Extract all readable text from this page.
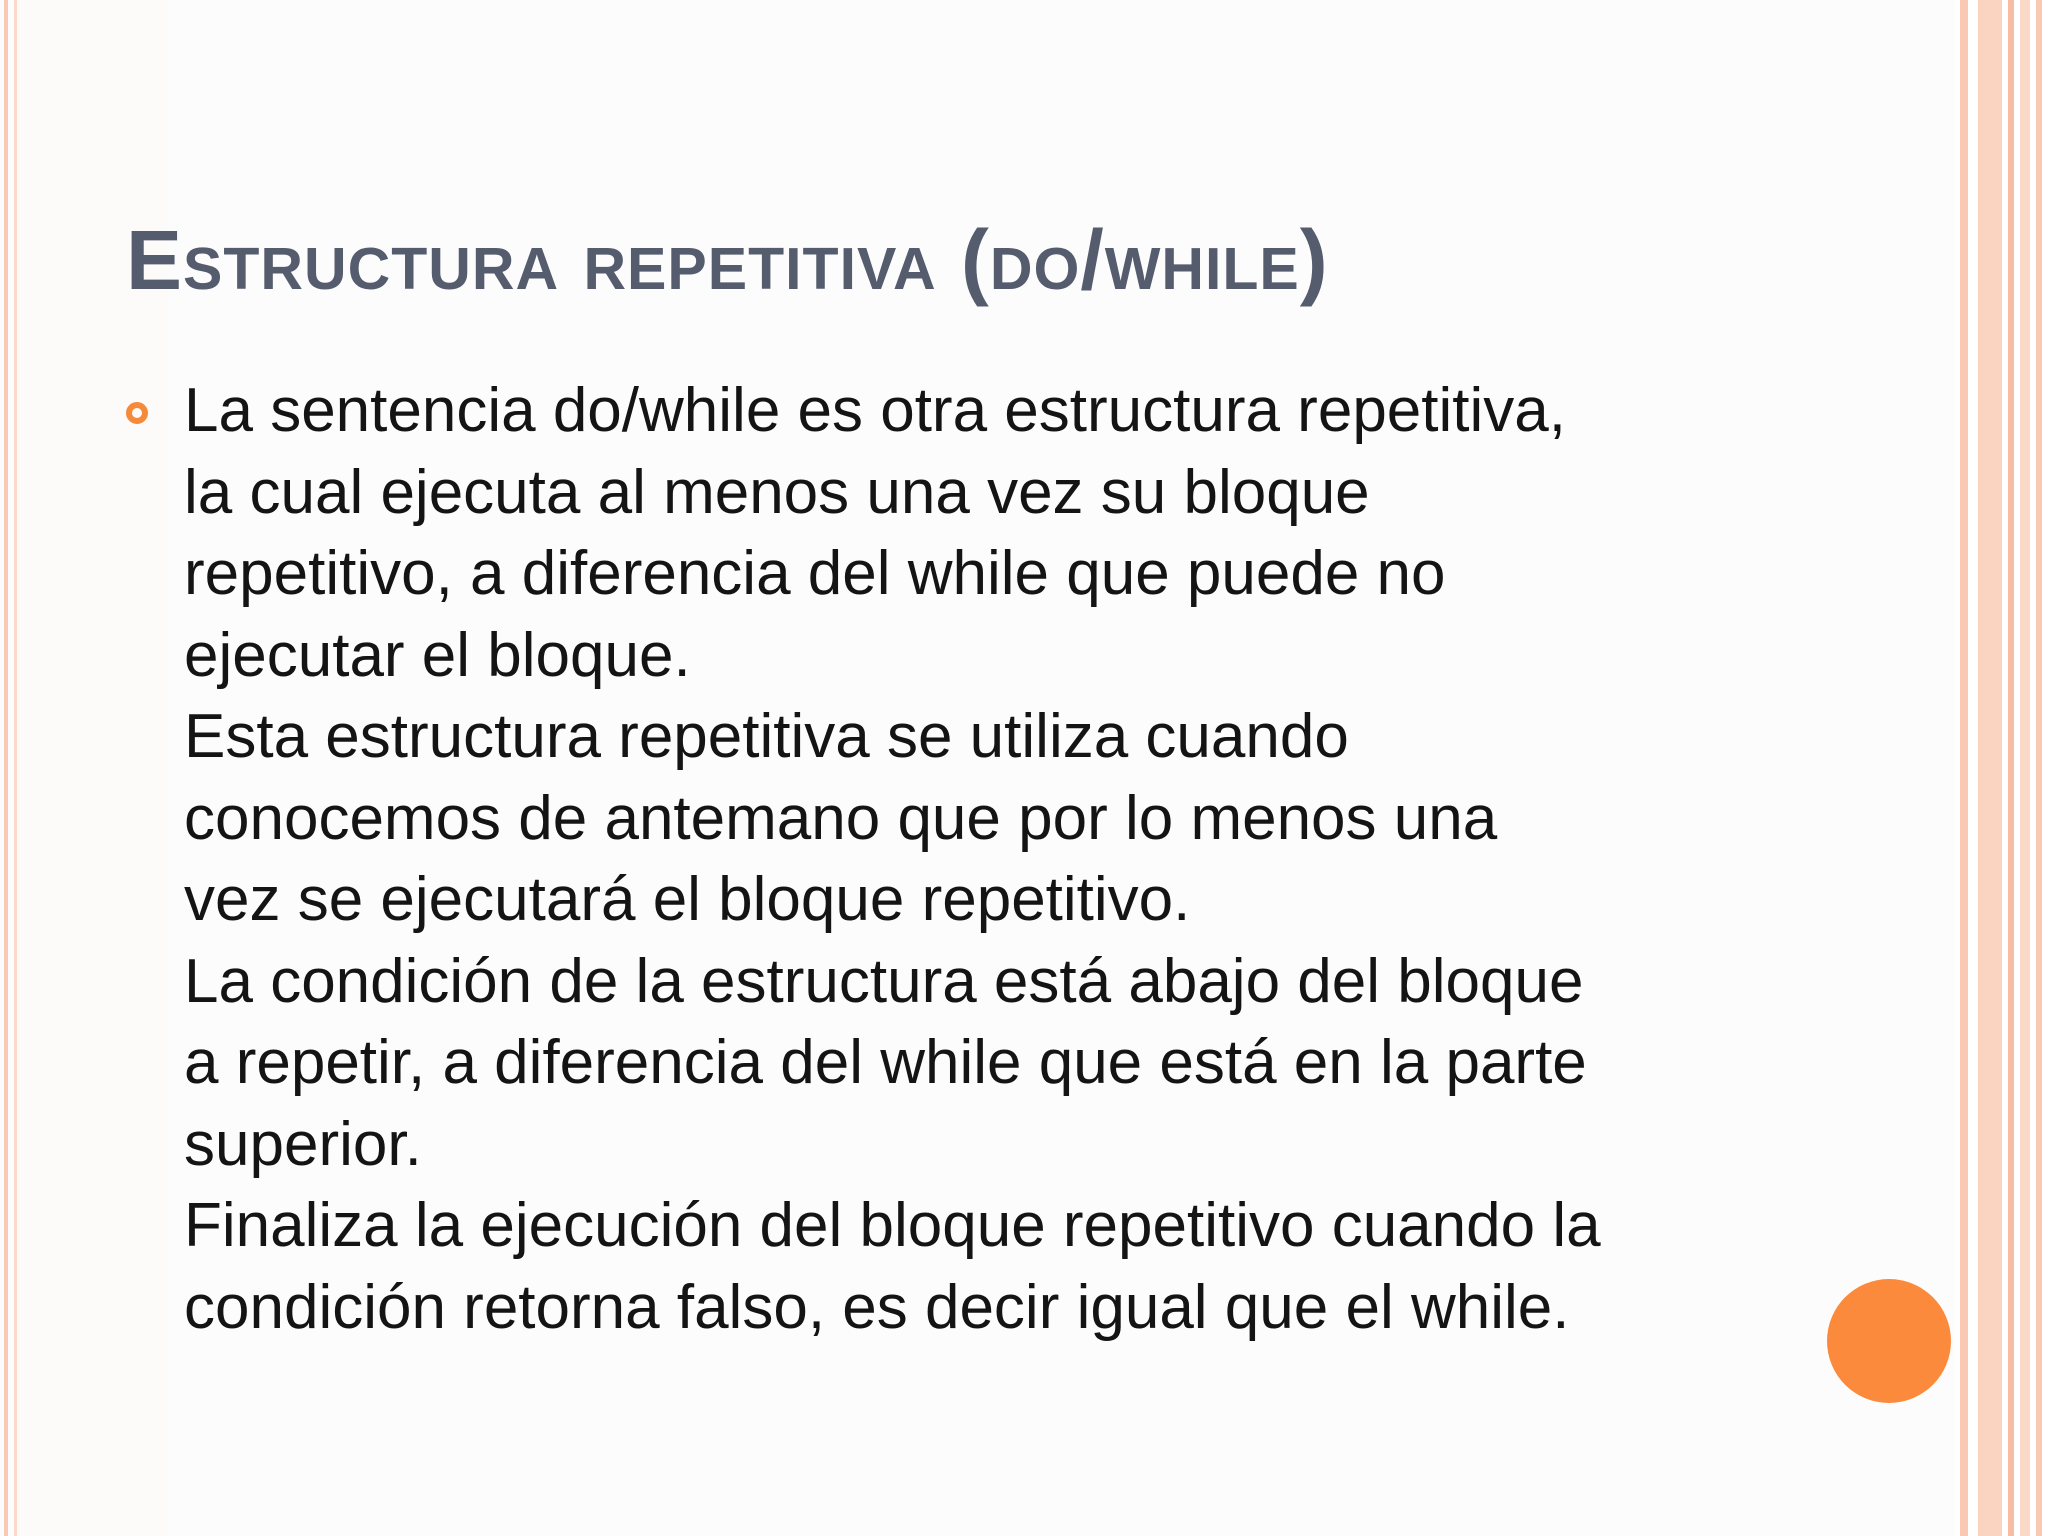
Estructura repetitiva (do/while)
La sentencia do/while es otra estructura repetitiva,
la cual ejecuta al menos una vez su bloque
repetitivo, a diferencia del while que puede no
ejecutar el bloque.
Esta estructura repetitiva se utiliza cuando
conocemos de antemano que por lo menos una
vez se ejecutará el bloque repetitivo.
La condición de la estructura está abajo del bloque
a repetir, a diferencia del while que está en la parte
superior.
Finaliza la ejecución del bloque repetitivo cuando la
condición retorna falso, es decir igual que el while.
